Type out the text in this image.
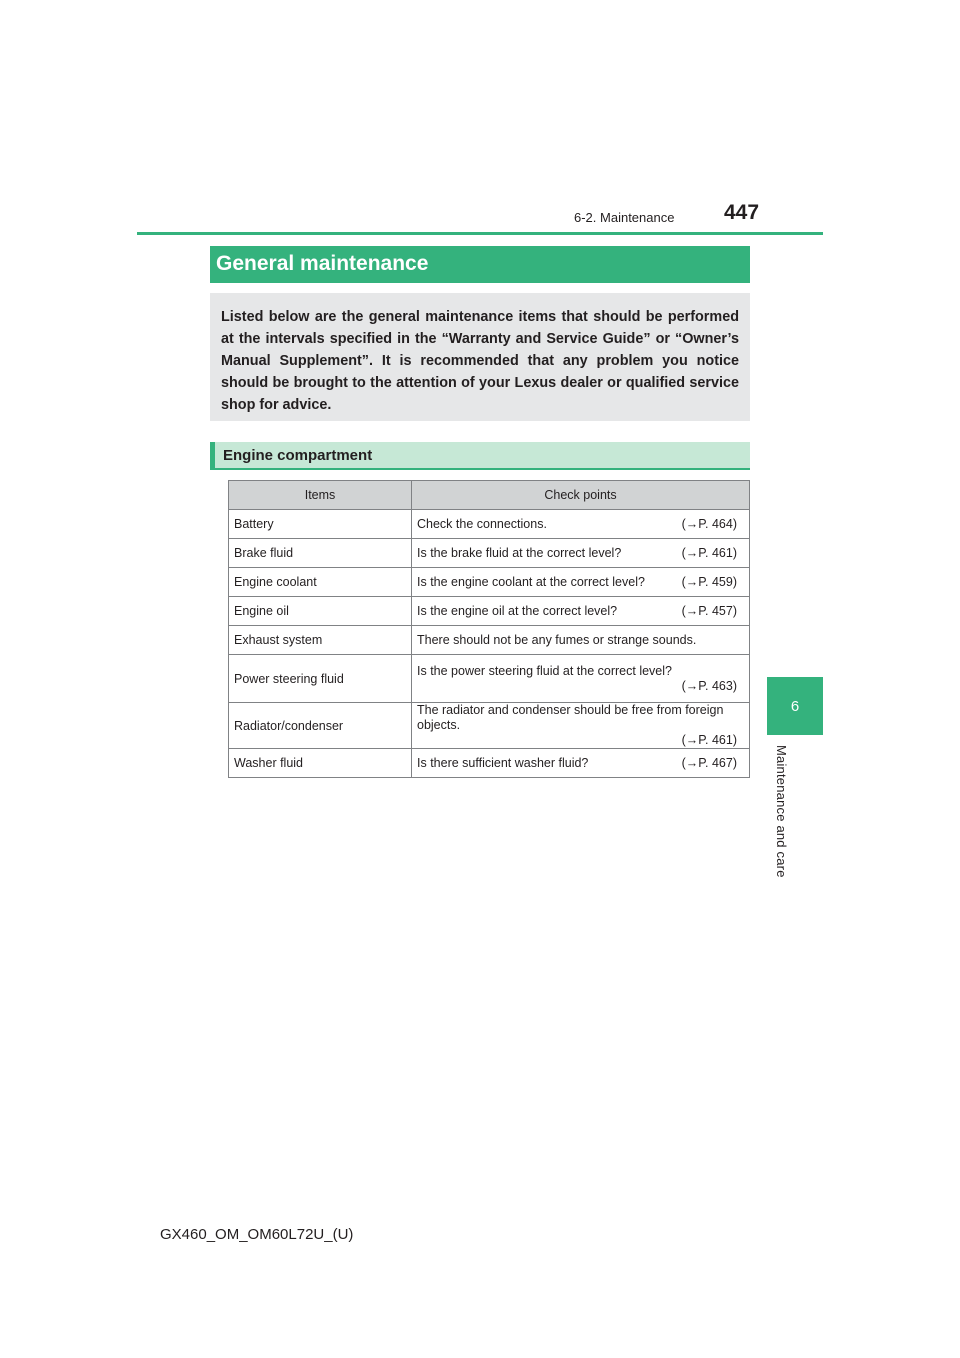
6-2. Maintenance 447
6
Maintenance and care
General maintenance
Listed below are the general maintenance items that should be performed at the intervals specified in the “Warranty and Service Guide” or “Owner’s Manual Supplement”. It is recommended that any problem you notice should be brought to the attention of your Lexus dealer or qualified service shop for advice.
Engine compartment
Items	Check points
Battery	Check the connections. (→P. 464)

Brake fluid	Is the brake fluid at the correct level? (→P. 461)

Engine coolant	Is the engine coolant at the correct level? (→P. 459)

Engine oil	Is the engine oil at the correct level? (→P. 457)

Exhaust system	There should not be any fumes or strange sounds.

Power steering fluid	Is the power steering fluid at the correct level?
(→P. 463)

Radiator/condenser	The radiator and condenser should be free from foreign objects.
(→P. 461)

Washer fluid	Is there sufficient washer fluid? (→P. 467)
GX460_OM_OM60L72U_(U)
